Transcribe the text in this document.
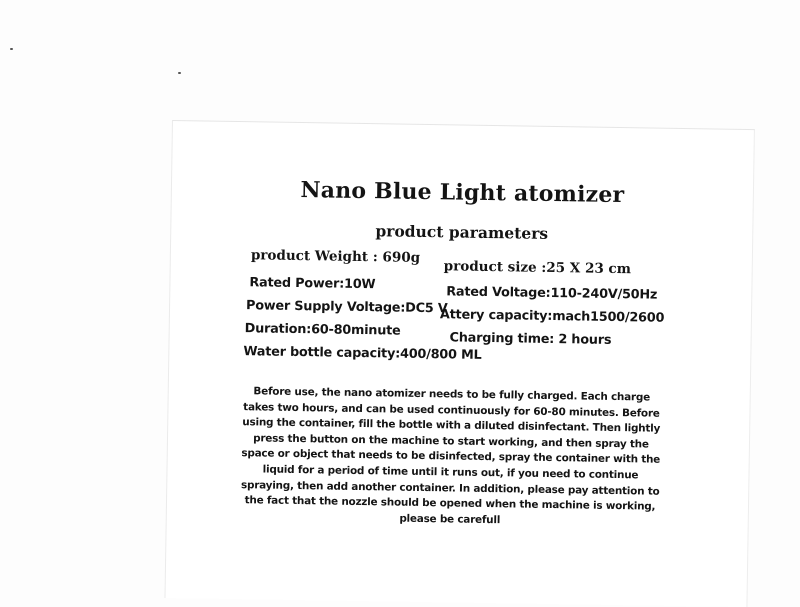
Nano Blue Light atomizer
product parameters
product Weight : 690g
product size :25 X 23 cm
Rated Power:10W
Rated Voltage:110-240V/50Hz
Power Supply Voltage:DC5 V
Attery capacity:mach1500/2600
Duration:60-80minute
Charging time: 2 hours
Water bottle capacity:400/800 ML
Before use, the nano atomizer needs to be fully charged. Each charge takes two hours, and can be used continuously for 60-80 minutes. Before using the container, fill the bottle with a diluted disinfectant. Then lightly press the button on the machine to start working, and then spray the space or object that needs to be disinfected, spray the container with the liquid for a period of time until it runs out, if you need to continue spraying, then add another container. In addition, please pay attention to the fact that the nozzle should be opened when the machine is working, please be carefull
